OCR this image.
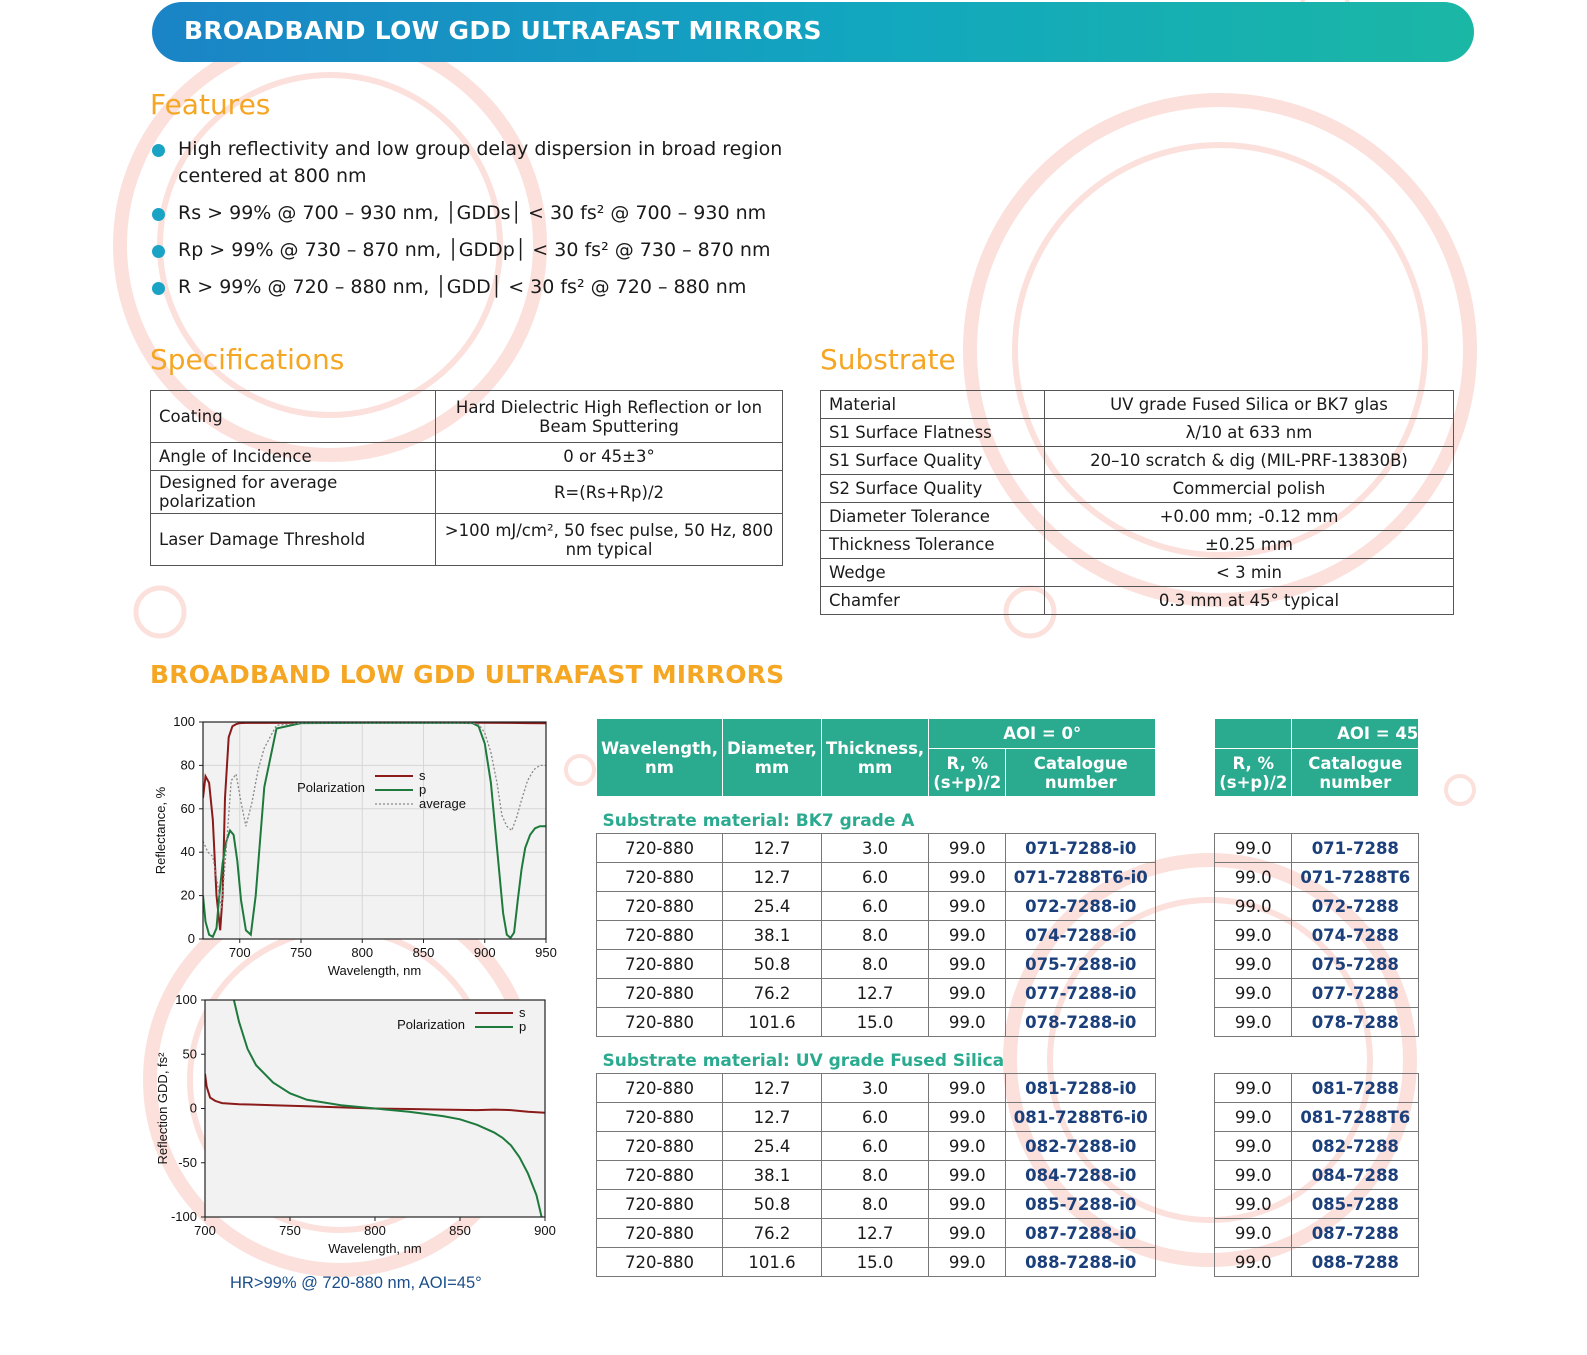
BROADBAND LOW GDD ULTRAFAST MIRRORS
Features
High reflectivity and low group delay dispersion in broad region centered at 800 nm
Rs > 99% @ 700 – 930 nm, │GDDs│ < 30 fs² @ 700 – 930 nm
Rp > 99% @ 730 – 870 nm, │GDDp│ < 30 fs² @ 730 – 870 nm
R > 99% @ 720 – 880 nm, │GDD│ < 30 fs² @ 720 – 880 nm
Specifications
Coating	Hard Dielectric High Reflection or Ion Beam Sputtering
Angle of Incidence	0 or 45±3°
Designed for average polarization	R=(Rs+Rp)/2
Laser Damage Threshold	>100 mJ/cm², 50 fsec pulse, 50 Hz, 800 nm typical
Substrate
Material	UV grade Fused Silica or BK7 glas
S1 Surface Flatness	λ/10 at 633 nm
S1 Surface Quality	20–10 scratch & dig (MIL-PRF-13830B)
S2 Surface Quality	Commercial polish
Diameter Tolerance	+0.00 mm; -0.12 mm
Thickness Tolerance	±0.25 mm
Wedge	< 3 min
Chamfer	0.3 mm at 45° typical
BROADBAND LOW GDD ULTRAFAST MIRRORS
700	750	800	850	900	950
0
20
40
60
80
100
Wavelength, nm
Reflectance, %	Polarization
s
p
average
700	750	800	850	900
-100
-50
0
50
100
Wavelength, nm
Reflection GDD, fs²
Polarization
s
p
HR>99% @ 720-880 nm, AOI=45°
Wavelength, nm	Diameter, mm	Thickness, mm	AOI = 0°				AOI = 45
			R, % (s+p)/2	Catalogue number		R, % (s+p)/2	Catalogue number
Substrate material: BK7 grade A							
720-880	12.7	3.0	99.0	071-7288-i0		99.0	071-7288
720-880	12.7	6.0	99.0	071-7288T6-i0		99.0	071-7288T6
720-880	25.4	6.0	99.0	072-7288-i0		99.0	072-7288
720-880	38.1	8.0	99.0	074-7288-i0		99.0	074-7288
720-880	50.8	8.0	99.0	075-7288-i0		99.0	075-7288
720-880	76.2	12.7	99.0	077-7288-i0		99.0	077-7288
720-880	101.6	15.0	99.0	078-7288-i0		99.0	078-7288
Substrate material: UV grade Fused Silica							
720-880	12.7	3.0	99.0	081-7288-i0		99.0	081-7288
720-880	12.7	6.0	99.0	081-7288T6-i0		99.0	081-7288T6
720-880	25.4	6.0	99.0	082-7288-i0		99.0	082-7288
720-880	38.1	8.0	99.0	084-7288-i0		99.0	084-7288
720-880	50.8	8.0	99.0	085-7288-i0		99.0	085-7288
720-880	76.2	12.7	99.0	087-7288-i0		99.0	087-7288
720-880	101.6	15.0	99.0	088-7288-i0		99.0	088-7288
